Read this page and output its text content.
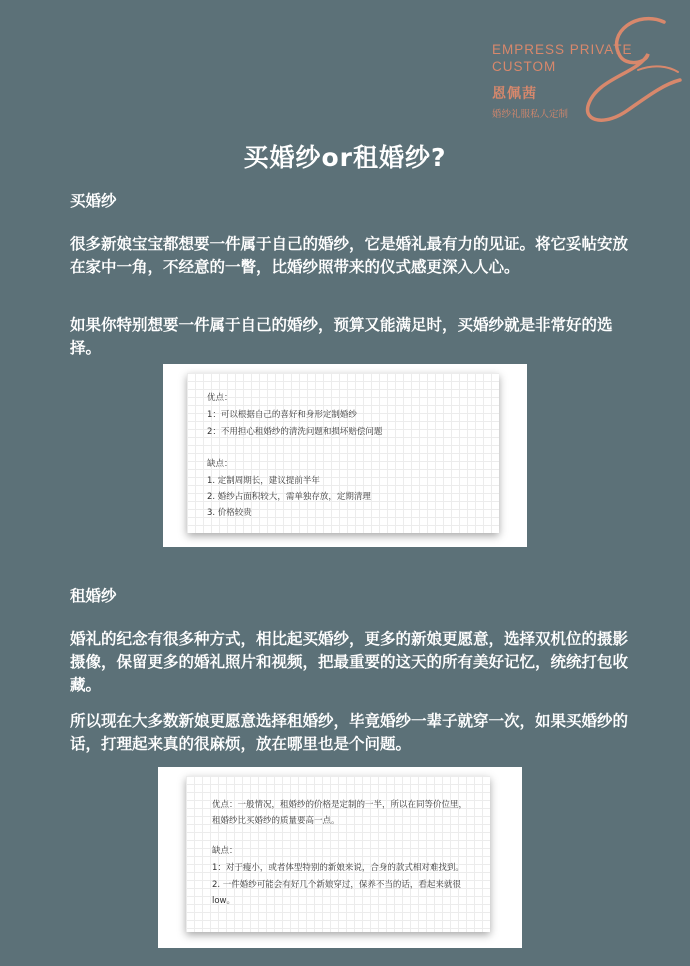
EMPRESS PRIVATE
CUSTOM
恩佩茜
婚纱礼服私人定制
买婚纱or租婚纱?
买婚纱
很多新娘宝宝都想要一件属于自己的婚纱，它是婚礼最有力的见证。将它妥帖安放在家中一角，不经意的一瞥，比婚纱照带来的仪式感更深入人心。
如果你特别想要一件属于自己的婚纱，预算又能满足时，买婚纱就是非常好的选择。
优点：
1：可以根据自己的喜好和身形定制婚纱
2：不用担心租婚纱的清洗问题和损坏赔偿问题
缺点：
1. 定制周期长，建议提前半年
2. 婚纱占面积较大，需单独存放，定期清理
3. 价格较贵
租婚纱
婚礼的纪念有很多种方式，相比起买婚纱，更多的新娘更愿意，选择双机位的摄影摄像，保留更多的婚礼照片和视频，把最重要的这天的所有美好记忆，统统打包收藏。
所以现在大多数新娘更愿意选择租婚纱，毕竟婚纱一辈子就穿一次，如果买婚纱的话，打理起来真的很麻烦，放在哪里也是个问题。
优点：一般情况，租婚纱的价格是定制的一半，所以在同等价位里，
租婚纱比买婚纱的质量要高一点。
缺点：
1：对于瘦小，或者体型特别的新娘来说，合身的款式相对难找到。
2. 一件婚纱可能会有好几个新娘穿过，保养不当的话，看起来就很
low。
